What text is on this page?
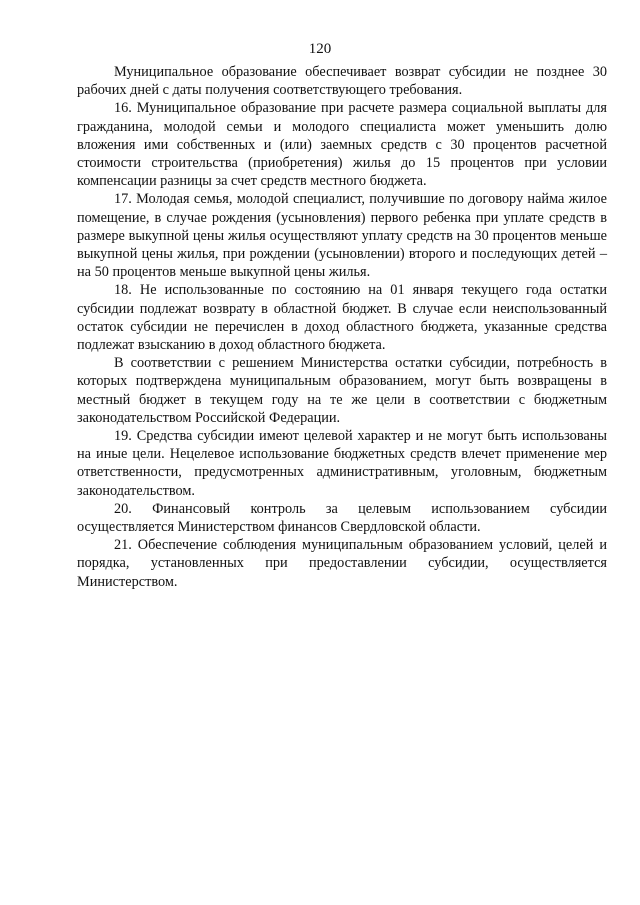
120

Муниципальное образование обеспечивает возврат субсидии не позднее 30 рабочих дней с даты получения соответствующего требования.

16. Муниципальное образование при расчете размера социальной выплаты для гражданина, молодой семьи и молодого специалиста может уменьшить долю вложения ими собственных и (или) заемных средств с 30 процентов расчетной стоимости строительства (приобретения) жилья до 15 процентов при условии компенсации разницы за счет средств местного бюджета.

17. Молодая семья, молодой специалист, получившие по договору найма жилое помещение, в случае рождения (усыновления) первого ребенка при уплате средств в размере выкупной цены жилья осуществляют уплату средств на 30 процентов меньше выкупной цены жилья, при рождении (усыновлении) второго и последующих детей – на 50 процентов меньше выкупной цены жилья.

18. Не использованные по состоянию на 01 января текущего года остатки субсидии подлежат возврату в областной бюджет. В случае если неиспользованный остаток субсидии не перечислен в доход областного бюджета, указанные средства подлежат взысканию в доход областного бюджета.

В соответствии с решением Министерства остатки субсидии, потребность в которых подтверждена муниципальным образованием, могут быть возвращены в местный бюджет в текущем году на те же цели в соответствии с бюджетным законодательством Российской Федерации.

19. Средства субсидии имеют целевой характер и не могут быть использованы на иные цели. Нецелевое использование бюджетных средств влечет применение мер ответственности, предусмотренных административным, уголовным, бюджетным законодательством.

20. Финансовый контроль за целевым использованием субсидии осуществляется Министерством финансов Свердловской области.

21. Обеспечение соблюдения муниципальным образованием условий, целей и порядка, установленных при предоставлении субсидии, осуществляется Министерством.
